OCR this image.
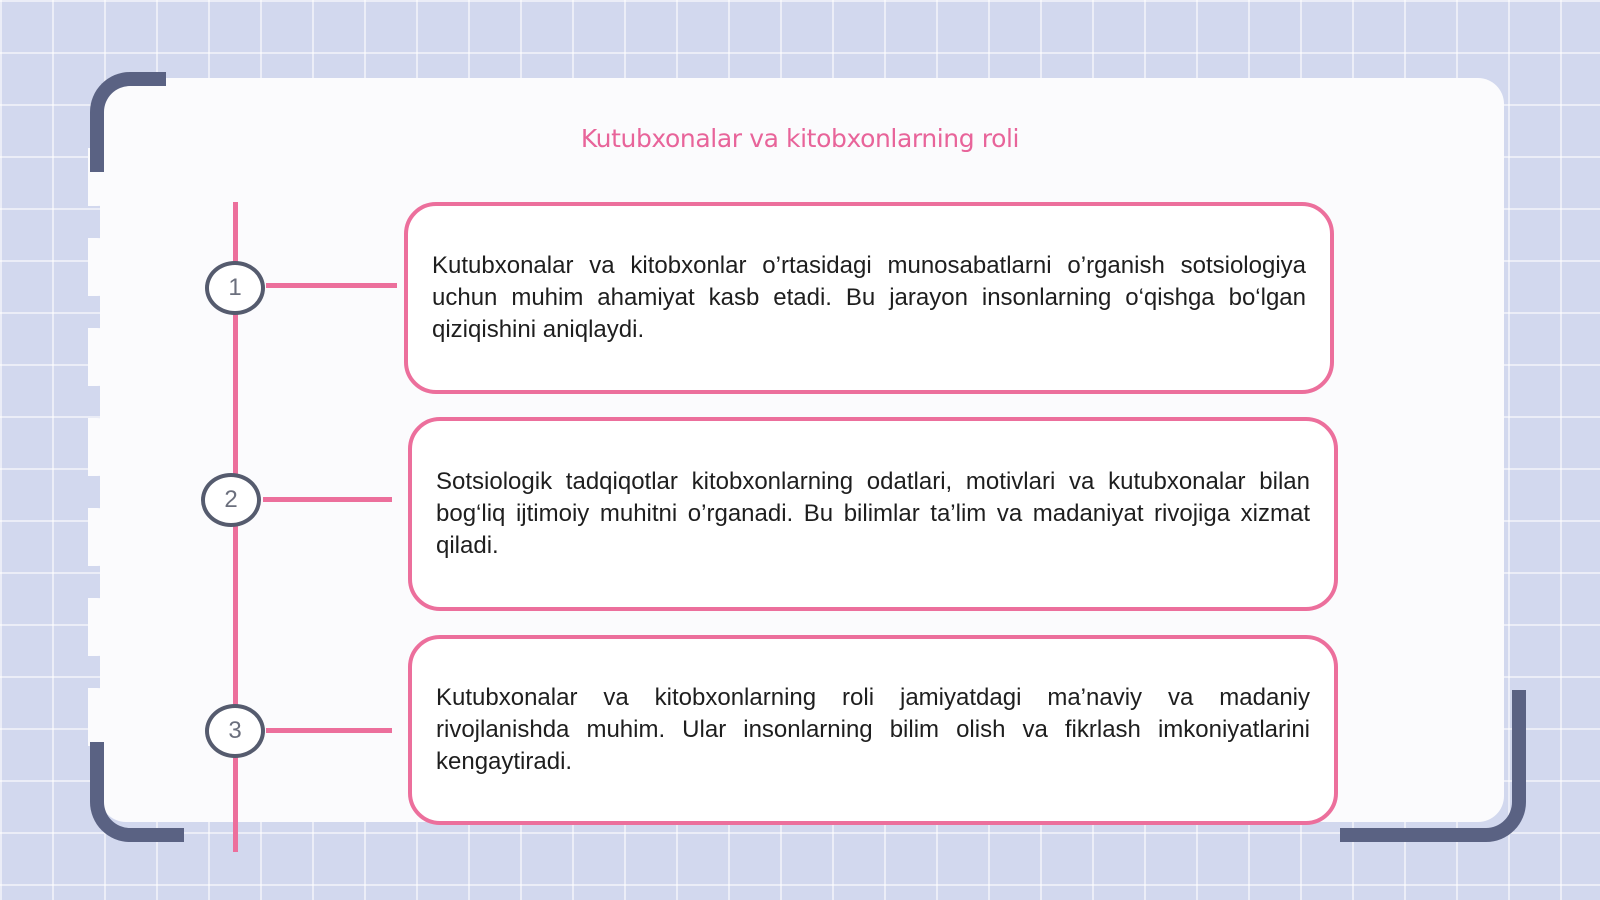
Kutubxonalar va kitobxonlarning roli
1

Kutubxonalar va kitobxonlar o’rtasidagi munosabatlarni o’rganish sotsiologiya uchun muhim ahamiyat kasb etadi. Bu jarayon insonlarning o‘qishga bo‘lgan qiziqishini aniqlaydi.

2

Sotsiologik tadqiqotlar kitobxonlarning odatlari, motivlari va kutubxonalar bilan bog‘liq ijtimoiy muhitni o’rganadi. Bu bilimlar ta’lim va madaniyat rivojiga xizmat qiladi.

3

Kutubxonalar va kitobxonlarning roli jamiyatdagi ma’naviy va madaniy rivojlanishda muhim. Ular insonlarning bilim olish va fikrlash imkoniyatlarini kengaytiradi.
